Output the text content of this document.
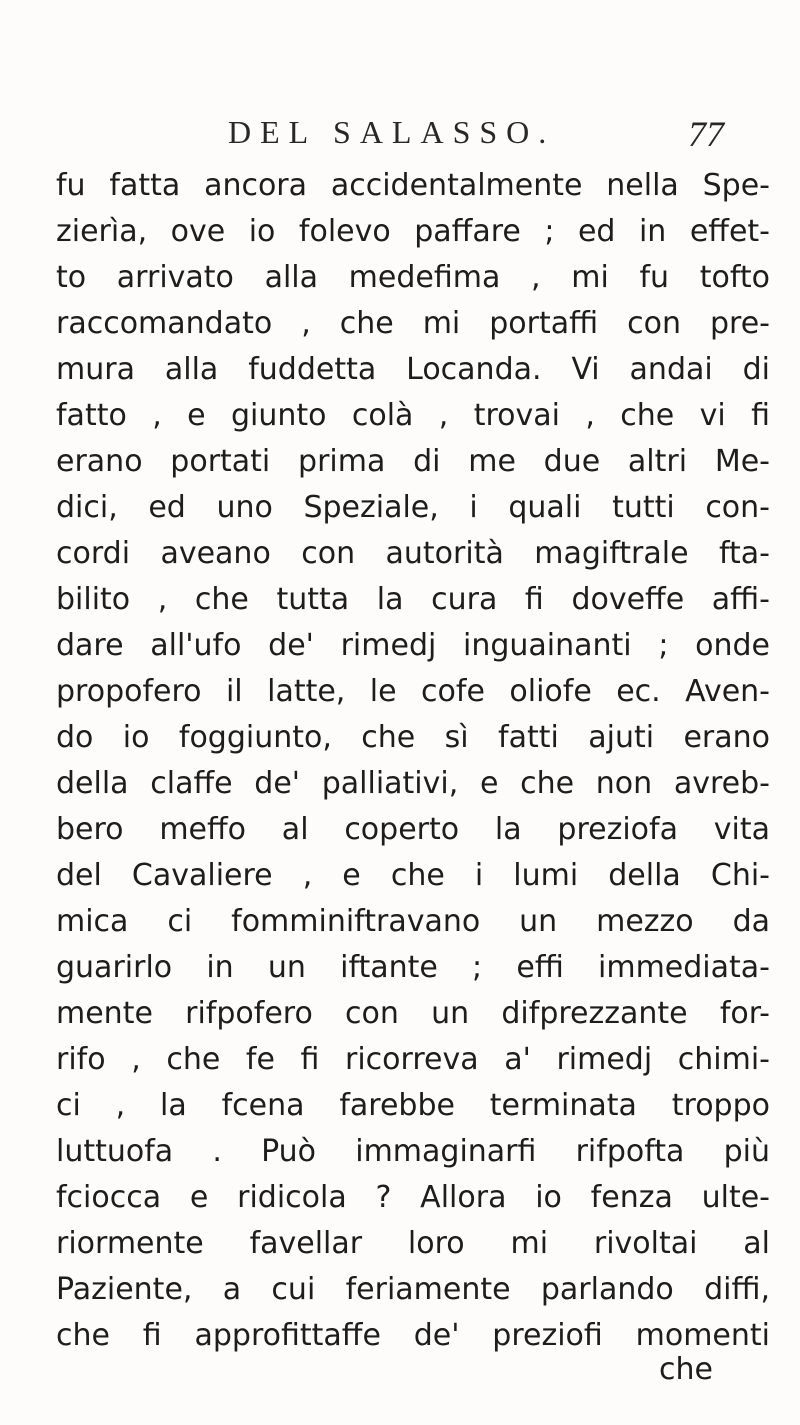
DEL SALASSO.	77
fu fatta ancora accidentalmente nella Spe-
zierìa, ove io folevo paffare ; ed in effet-
to arrivato alla medefima , mi fu tofto
raccomandato , che mi portaffi con pre-
mura alla fuddetta Locanda. Vi andai di
fatto , e giunto colà , trovai , che vi fi
erano portati prima di me due altri Me-
dici, ed uno Speziale, i quali tutti con-
cordi aveano con autorità magiftrale fta-
bilito , che tutta la cura fi doveffe affi-
dare all'ufo de' rimedj inguainanti ; onde
propofero il latte, le cofe oliofe ec. Aven-
do io foggiunto, che sì fatti ajuti erano
della claffe de' palliativi, e che non avreb-
bero meffo al coperto la preziofa vita
del Cavaliere , e che i lumi della Chi-
mica ci fomminiftravano un mezzo da
guarirlo in un iftante ; effi immediata-
mente rifpofero con un difprezzante for-
rifo , che fe fi ricorreva a' rimedj chimi-
ci , la fcena farebbe terminata troppo
luttuofa . Può immaginarfi rifpofta più
fciocca e ridicola ? Allora io fenza ulte-
riormente favellar loro mi rivoltai al
Paziente, a cui feriamente parlando diffi,
che fi approfittaffe de' preziofi momenti
che
